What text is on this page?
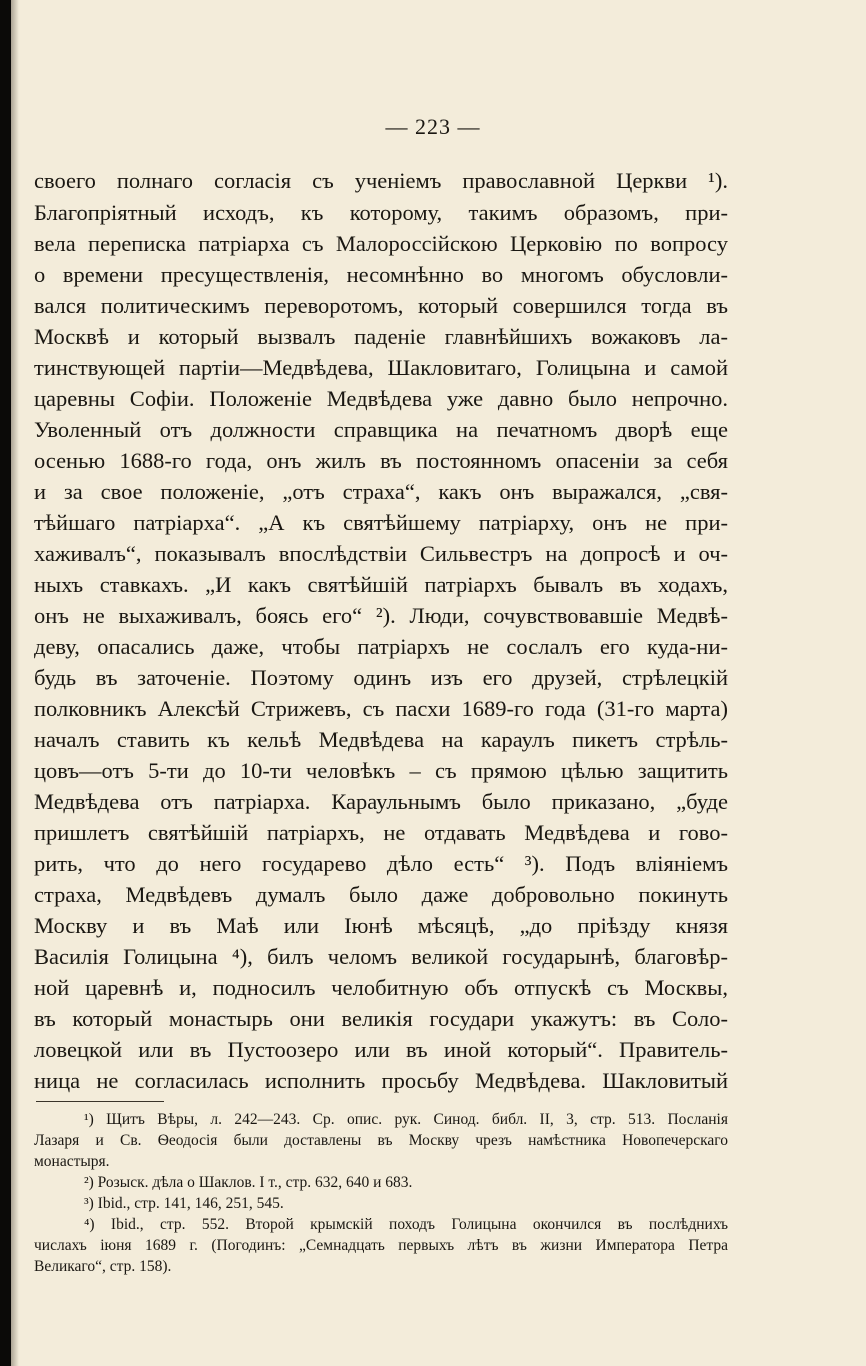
— 223 —
своего полнаго согласія съ ученіемъ православной Церкви ¹).
Благопріятный исходъ, къ которому, такимъ образомъ, при-
вела переписка патріарха съ Малороссійскою Церковію по вопросу
о времени пресуществленія, несомнѣнно во многомъ обусловли-
вался политическимъ переворотомъ, который совершился тогда въ
Москвѣ и который вызвалъ паденіе главнѣйшихъ вожаковъ ла-
тинствующей партіи—Медвѣдева, Шакловитаго, Голицына и самой
царевны Софіи. Положеніе Медвѣдева уже давно было непрочно.
Уволенный отъ должности справщика на печатномъ дворѣ еще
осенью 1688-го года, онъ жилъ въ постоянномъ опасеніи за себя
и за свое положеніе, „отъ страха“, какъ онъ выражался, „свя-
тѣйшаго патріарха“. „А къ святѣйшему патріарху, онъ не при-
хаживалъ“, показывалъ впослѣдствіи Сильвестръ на допросѣ и оч-
ныхъ ставкахъ. „И какъ святѣйшій патріархъ бывалъ въ ходахъ,
онъ не выхаживалъ, боясь его“ ²). Люди, сочувствовавшіе Медвѣ-
деву, опасались даже, чтобы патріархъ не сослалъ его куда-ни-
будь въ заточеніе. Поэтому одинъ изъ его друзей, стрѣлецкій
полковникъ Алексѣй Стрижевъ, съ пасхи 1689-го года (31-го марта)
началъ ставить къ кельѣ Медвѣдева на караулъ пикетъ стрѣль-
цовъ—отъ 5-ти до 10-ти человѣкъ – съ прямою цѣлью защитить
Медвѣдева отъ патріарха. Караульнымъ было приказано, „буде
пришлетъ святѣйшій патріархъ, не отдавать Медвѣдева и гово-
рить, что до него государево дѣло есть“ ³). Подъ вліяніемъ
страха, Медвѣдевъ думалъ было даже добровольно покинуть
Москву и въ Маѣ или Іюнѣ мѣсяцѣ, „до пріѣзду князя
Василія Голицына ⁴), билъ челомъ великой государынѣ, благовѣр-
ной царевнѣ и, подносилъ челобитную объ отпускѣ съ Москвы,
въ который монастырь они великія государи укажутъ: въ Соло-
ловецкой или въ Пустоозеро или въ иной который“. Правитель-
ница не согласилась исполнить просьбу Медвѣдева. Шакловитый
¹) Щитъ Вѣры, л. 242—243. Ср. опис. рук. Синод. библ. II, 3, стр. 513. Посланія
Лазаря и Св. Ѳеодосія были доставлены въ Москву чрезъ намѣстника Новопечерскаго
монастыря.
²) Розыск. дѣла о Шаклов. I т., стр. 632, 640 и 683.
³) Ibid., стр. 141, 146, 251, 545.
⁴) Ibid., стр. 552. Второй крымскій походъ Голицына окончился въ послѣднихъ
числахъ іюня 1689 г. (Погодинъ: „Семнадцать первыхъ лѣтъ въ жизни Императора Петра
Великаго“, стр. 158).
